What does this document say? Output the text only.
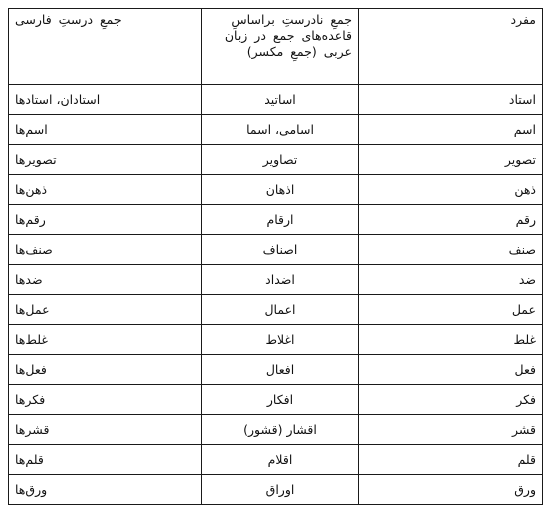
مفرد	جمعِ نادرستِ براساسِ قاعده‌های جمع در زبان عربی (جمعِ مکسر)	جمعِ درستِ فارسی
استاد	اساتید	استادان، استادها
اسم	اسامی، اسما	اسم‌ها
تصویر	تصاویر	تصویرها
ذهن	اذهان	ذهن‌ها
رقم	ارقام	رقم‌ها
صنف	اصناف	صنف‌ها
ضد	اضداد	ضدها
عمل	اعمال	عمل‌ها
غلط	اغلاط	غلط‌ها
فعل	افعال	فعل‌ها
فکر	افکار	فکرها
قشر	اقشار (قشور)	قشرها
قلم	اقلام	قلم‌ها
ورق	اوراق	ورق‌ها
